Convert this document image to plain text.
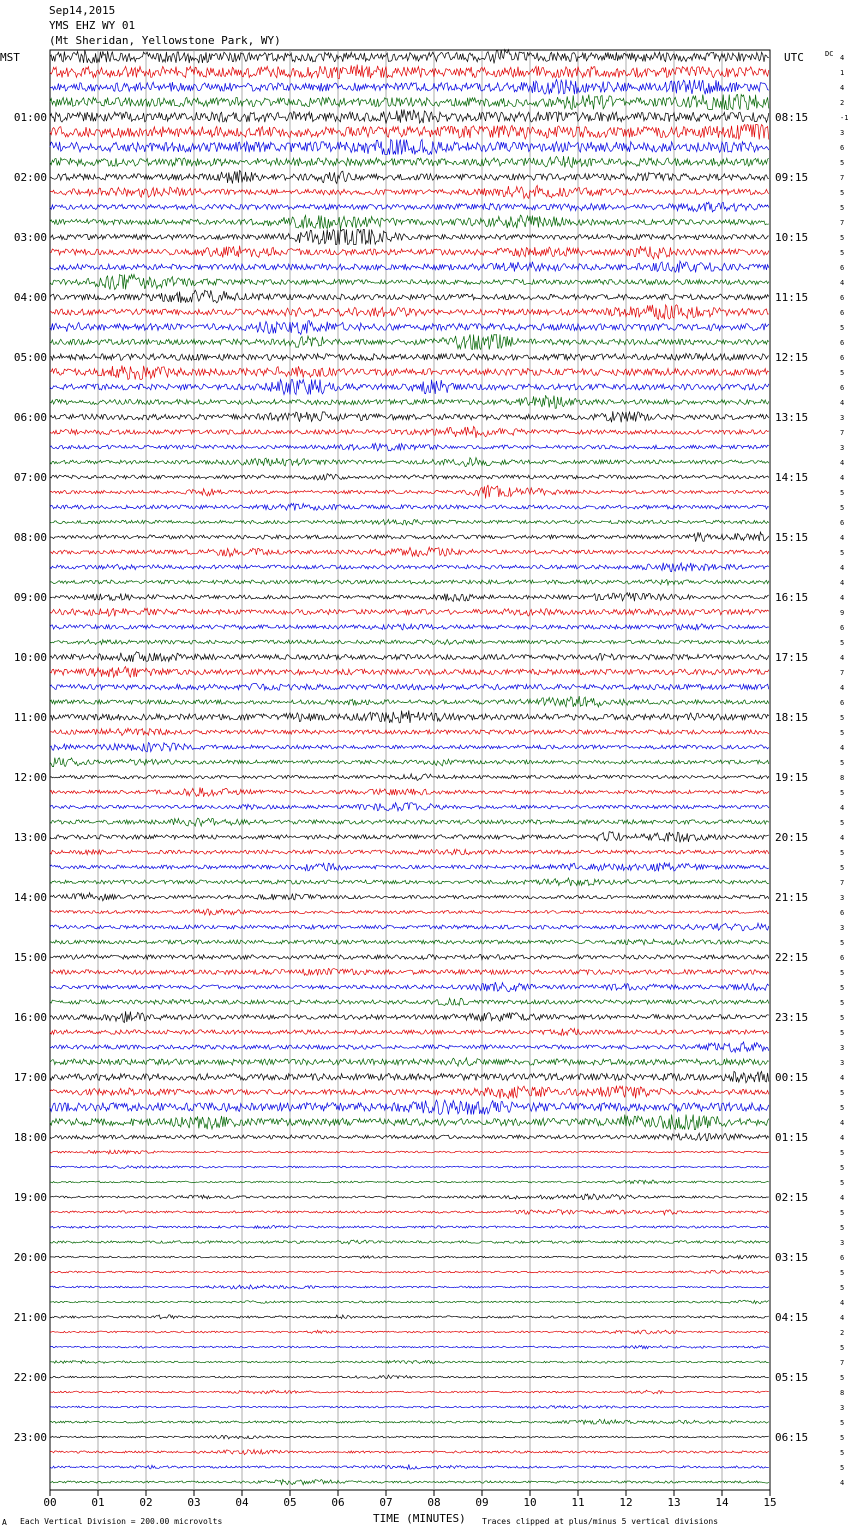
Sep14,2015
YMS EHZ WY 01
(Mt Sheridan, Yellowstone Park, WY)
00	01	02	03	04	05	06	07	08	09	10	11	12	13	14	15
4
1
4
2
-1
3
6
5
7
5
5
7
5
5
6
4
6
6
5
6
6
5
6
4
3
7
3
4
4
5
5
6
4
5
4
4
4
9
6
5
4
7
4
6
5
5
4
5
8
5
4
5
4
5
5
7
3
6
3
5
6
5
5
5
5
5
3
3
4
5
5
4
4
5
5
5
4
5
5
3
6
5
5
4
4
2
5
7
5
8
3
5
5
5
5
4
01:00	08:15
02:00	09:15
03:00	10:15
04:00	11:15
05:00	12:15
06:00	13:15
07:00	14:15
08:00	15:15
09:00	16:15
10:00	17:15
11:00	18:15
12:00	19:15
13:00	20:15
14:00	21:15
15:00	22:15
16:00	23:15
17:00	00:15
18:00	01:15
19:00	02:15
20:00	03:15
21:00	04:15
22:00	05:15
23:00	06:15
MST	UTC	DC
TIME (MINUTES)
Each Vertical Division = 200.00 microvolts	Traces clipped at plus/minus 5 vertical divisions
A
